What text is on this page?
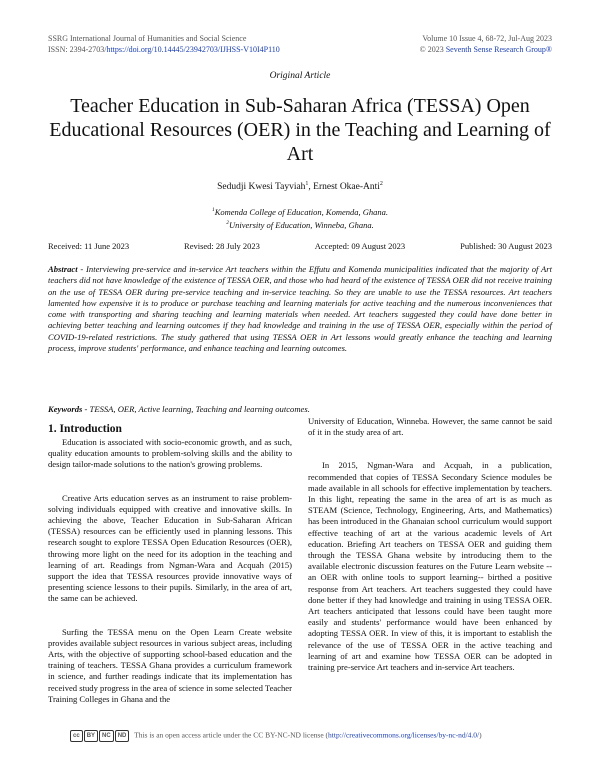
SSRG International Journal of Humanities and Social Science
ISSN: 2394-2703/https://doi.org/10.14445/23942703/IJHSS-V10I4P110
Volume 10 Issue 4, 68-72, Jul-Aug 2023
© 2023 Seventh Sense Research Group®
Original Article
Teacher Education in Sub-Saharan Africa (TESSA) Open Educational Resources (OER) in the Teaching and Learning of Art
Sedudji Kwesi Tayviah$^1$, Ernest Okae-Anti$^2$
$^1$Komenda College of Education, Komenda, Ghana.
$^2$University of Education, Winneba, Ghana.
Received: 11 June 2023	Revised: 28 July 2023	Accepted: 09 August 2023	Published: 30 August 2023
Abstract - Interviewing pre-service and in-service Art teachers within the Effutu and Komenda municipalities indicated that the majority of Art teachers did not have knowledge of the existence of TESSA OER, and those who had heard of the existence of TESSA OER did not receive training on the use of TESSA OER during pre-service teaching and in-service teaching. So they are unable to use the TESSA resources. Art teachers lamented how expensive it is to produce or purchase teaching and learning materials for active teaching and the numerous inconveniences that come with transporting and sharing teaching and learning materials when needed. Art teachers suggested they could have done better in achieving better teaching and learning outcomes if they had knowledge and training in the use of TESSA OER, especially within the period of COVID-19-related restrictions. The study gathered that using TESSA OER in Art lessons would greatly enhance the teaching and learning process, improve students' performance, and enhance teaching and learning outcomes.
Keywords - TESSA, OER, Active learning, Teaching and learning outcomes.
1. Introduction

Education is associated with socio-economic growth, and as such, quality education amounts to problem-solving skills and the ability to design tailor-made solutions to the nation's growing problems.

Creative Arts education serves as an instrument to raise problem-solving individuals equipped with creative and innovative skills. In achieving the above, Teacher Education in Sub-Saharan African (TESSA) resources can be efficiently used in planning lessons. This research sought to explore TESSA Open Education Resources (OER), throwing more light on the need for its adoption in the teaching and learning of art. Readings from Ngman-Wara and Acquah (2015) support the idea that TESSA resources provide innovative ways of presenting science lessons to their pupils. Similarly, in the area of art, the same can be achieved.

Surfing the TESSA menu on the Open Learn Create website provides available subject resources in various subject areas, including Arts, with the objective of supporting school-based education and the training of teachers. TESSA Ghana provides a curriculum framework in science, and further readings indicate that its implementation has received study progress in the area of science in some selected Teacher Training Colleges in Ghana and the

University of Education, Winneba. However, the same cannot be said of it in the study area of art.

In 2015, Ngman-Wara and Acquah, in a publication, recommended that copies of TESSA Secondary Science modules be made available in all schools for effective implementation by teachers. In this light, repeating the same in the area of art is as much as STEAM (Science, Technology, Engineering, Arts, and Mathematics) has been introduced in the Ghanaian school curriculum would support effective teaching of art at the various academic levels of Art education. Briefing Art teachers on TESSA OER and guiding them through the TESSA Ghana website by introducing them to the available electronic discussion features on the Future Learn website --an OER with online tools to support learning-- birthed a positive response from Art teachers. Art teachers suggested they could have done better if they had knowledge and training in using TESSA OER. Art teachers anticipated that lessons could have been taught more easily and students' performance would have been enhanced by adopting TESSA OER. In view of this, it is important to establish the relevance of the use of TESSA OER in the active teaching and learning of art and examine how TESSA OER can be adopted in training pre-service Art teachers and in-service Art teachers.

cc BY NC ND This is an open access article under the CC BY-NC-ND license (http://creativecommons.org/licenses/by-nc-nd/4.0/)
